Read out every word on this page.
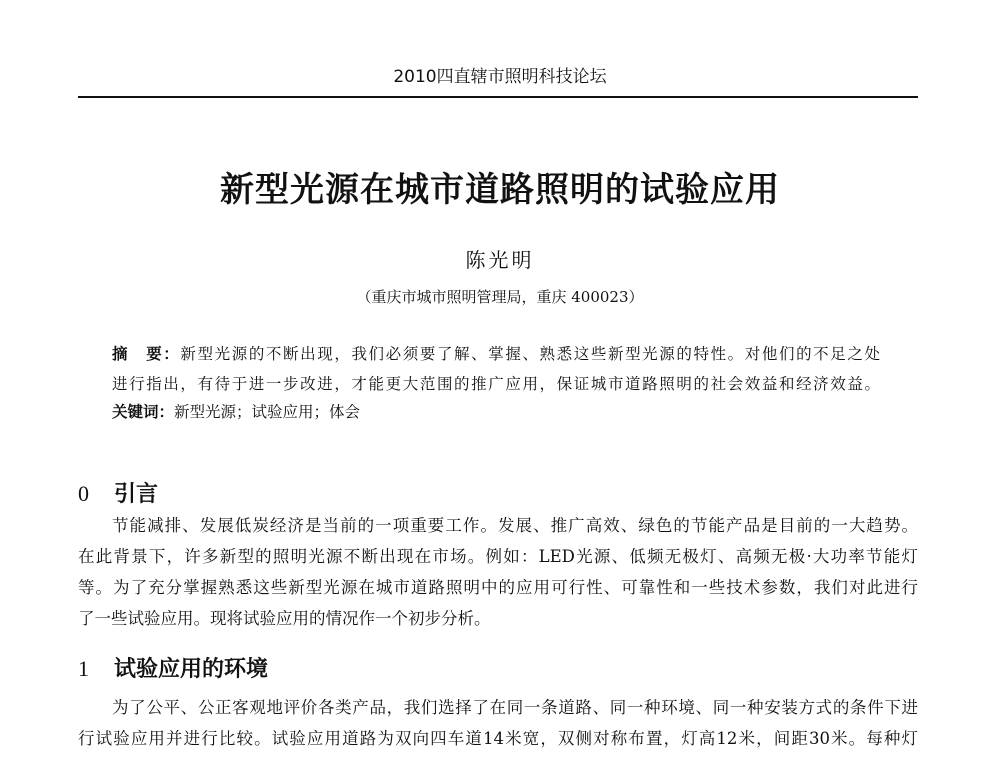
2010四直辖市照明科技论坛
新型光源在城市道路照明的试验应用
陈光明
（重庆市城市照明管理局，重庆 400023）
摘　要：新型光源的不断出现，我们必须要了解、掌握、熟悉这些新型光源的特性。对他们的不足之处
进行指出，有待于进一步改进，才能更大范围的推广应用，保证城市道路照明的社会效益和经济效益。
关键词：新型光源；试验应用；体会
0 引言
节能减排、发展低炭经济是当前的一项重要工作。发展、推广高效、绿色的节能产品是目前的一大趋势。
在此背景下，许多新型的照明光源不断出现在市场。例如：LED光源、低频无极灯、高频无极·大功率节能灯
等。为了充分掌握熟悉这些新型光源在城市道路照明中的应用可行性、可靠性和一些技术参数，我们对此进行
了一些试验应用。现将试验应用的情况作一个初步分析。
1 试验应用的环境
为了公平、公正客观地评价各类产品，我们选择了在同一条道路、同一种环境、同一种安装方式的条件下进
行试验应用并进行比较。试验应用道路为双向四车道14米宽，双侧对称布置，灯高12米，间距30米。每种灯
